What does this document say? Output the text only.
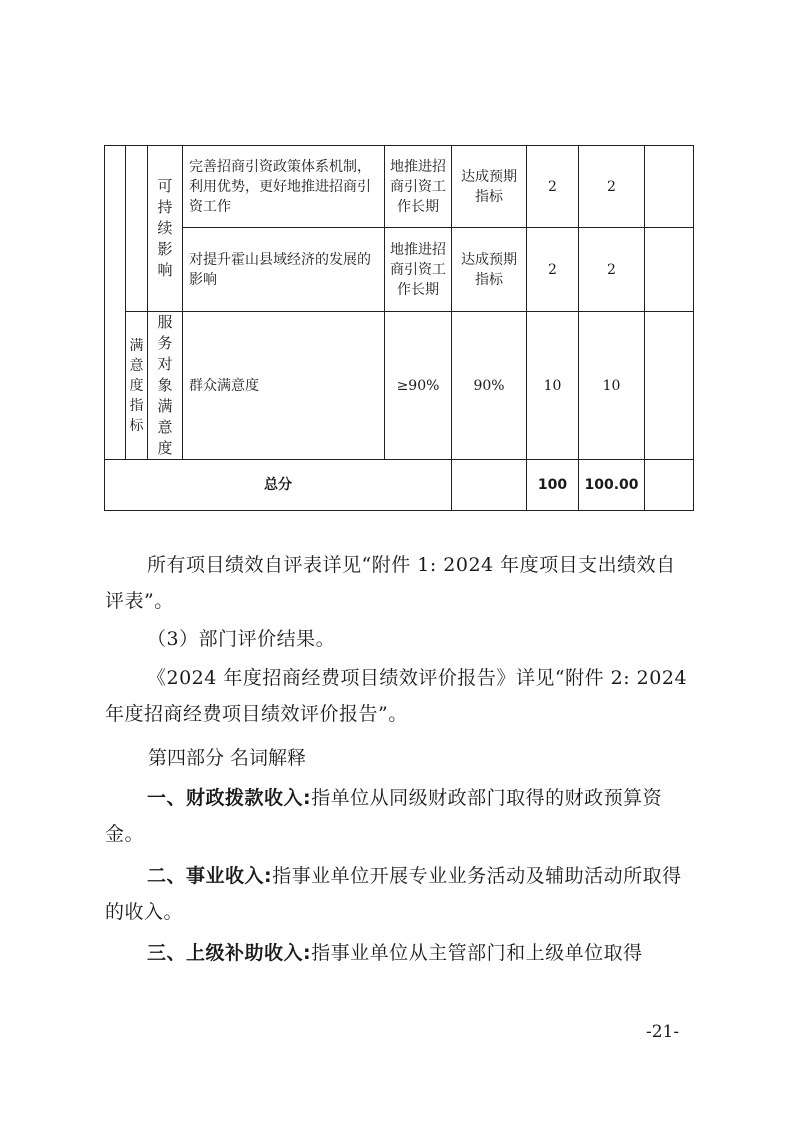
		可持续影响	完善招商引资政策体系机制，利用优势，更好地推进招商引资工作	地推进招商引资工作长期	达成预期指标	2	2	
			对提升霍山县域经济的发展的影响	地推进招商引资工作长期	达成预期指标	2	2	

	满意度指标	服务对象满意度	群众满意度	≥90%	90%	10	10	
总分						100	100.00	

所有项目绩效自评表详见“附件 1: 2024 年度项目支出绩效自评表”。

（3）部门评价结果。

《2024 年度招商经费项目绩效评价报告》详见“附件 2: 2024 年度招商经费项目绩效评价报告”。

第四部分 名词解释

一、财政拨款收入:指单位从同级财政部门取得的财政预算资金。

二、事业收入:指事业单位开展专业业务活动及辅助活动所取得的收入。

三、上级补助收入:指事业单位从主管部门和上级单位取得

-21-
